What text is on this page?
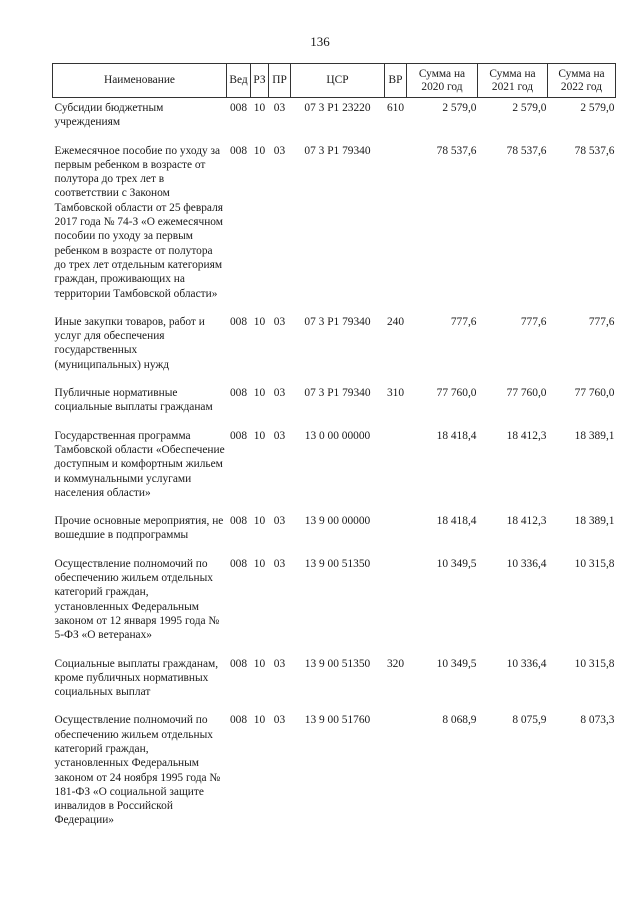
136
Наименование	Вед	РЗ	ПР	ЦСР	ВР	Сумма на 2020 год	Сумма на 2021 год	Сумма на 2022 год
Субсидии бюджетным учреждениям	008	10	03	07 3 P1 23220	610	2 579,0	2 579,0	2 579,0
Ежемесячное пособие по уходу за первым ребенком в возрасте от полутора до трех лет в соответствии с Законом Тамбовской области от 25 февраля 2017 года № 74-З «О ежемесячном пособии по уходу за первым ребенком в возрасте от полутора до трех лет отдельным категориям граждан, проживающих на территории Тамбовской области»	008	10	03	07 3 P1 79340		78 537,6	78 537,6	78 537,6
Иные закупки товаров, работ и услуг для обеспечения государственных (муниципальных) нужд	008	10	03	07 3 P1 79340	240	777,6	777,6	777,6
Публичные нормативные социальные выплаты гражданам	008	10	03	07 3 P1 79340	310	77 760,0	77 760,0	77 760,0
Государственная программа Тамбовской области «Обеспечение доступным и комфортным жильем и коммунальными услугами населения области»	008	10	03	13 0 00 00000		18 418,4	18 412,3	18 389,1
Прочие основные мероприятия, не вошедшие в подпрограммы	008	10	03	13 9 00 00000		18 418,4	18 412,3	18 389,1
Осуществление полномочий по обеспечению жильем отдельных категорий граждан, установленных Федеральным законом от 12 января 1995 года № 5-ФЗ «О ветеранах»	008	10	03	13 9 00 51350		10 349,5	10 336,4	10 315,8
Социальные выплаты гражданам, кроме публичных нормативных социальных выплат	008	10	03	13 9 00 51350	320	10 349,5	10 336,4	10 315,8
Осуществление полномочий по обеспечению жильем отдельных категорий граждан, установленных Федеральным законом от 24 ноября 1995 года № 181-ФЗ «О социальной защите инвалидов в Российской Федерации»	008	10	03	13 9 00 51760		8 068,9	8 075,9	8 073,3
